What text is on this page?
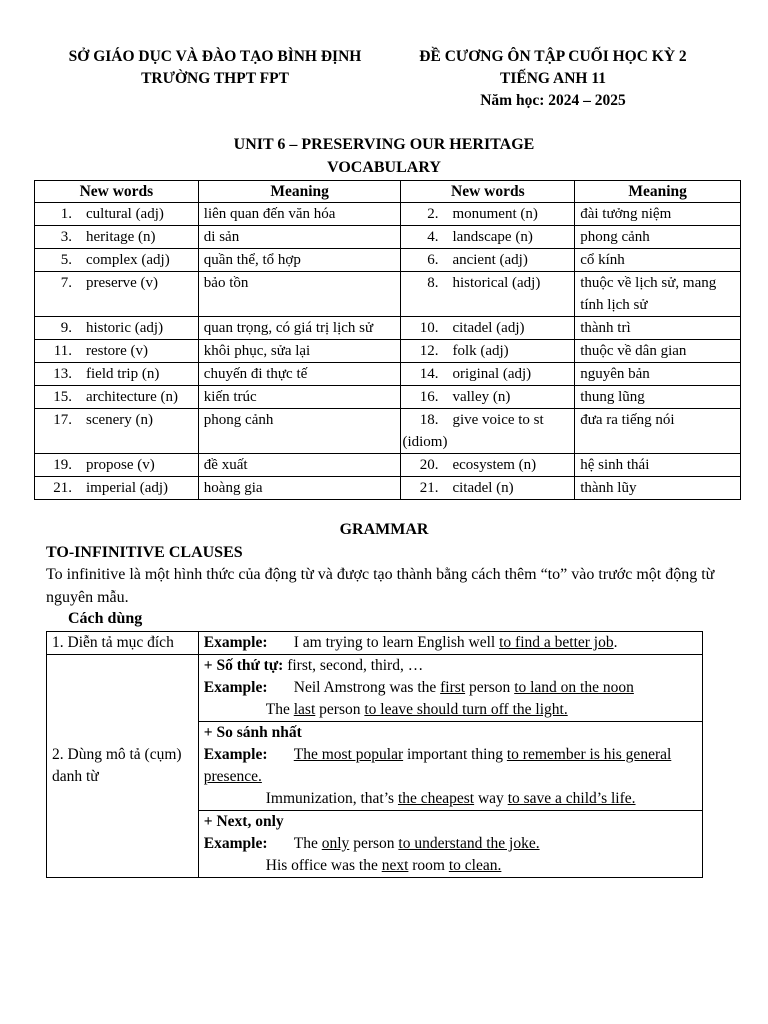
SỞ GIÁO DỤC VÀ ĐÀO TẠO BÌNH ĐỊNH
TRƯỜNG THPT FPT
ĐỀ CƯƠNG ÔN TẬP CUỐI HỌC KỲ 2
TIẾNG ANH 11
Năm học: 2024 – 2025
UNIT 6 – PRESERVING OUR HERITAGE
VOCABULARY
New words	Meaning	New words	Meaning
1. cultural (adj)	liên quan đến văn hóa	2. monument (n)	đài tưởng niệm
3. heritage (n)	di sản	4. landscape (n)	phong cảnh
5. complex (adj)	quần thể, tổ hợp	6. ancient (adj)	cổ kính
7. preserve (v)	bảo tồn	8. historical (adj)	thuộc về lịch sử, mang tính lịch sử
9. historic (adj)	quan trọng, có giá trị lịch sử	10. citadel (adj)	thành trì
11. restore (v)	khôi phục, sửa lại	12. folk (adj)	thuộc về dân gian
13. field trip (n)	chuyến đi thực tế	14. original (adj)	nguyên bản
15. architecture (n)	kiến trúc	16. valley (n)	thung lũng
17. scenery (n)	phong cảnh	18. give voice to st (idiom)	đưa ra tiếng nói
19. propose (v)	đề xuất	20. ecosystem (n)	hệ sinh thái
21. imperial (adj)	hoàng gia	21. citadel (n)	thành lũy
GRAMMAR
TO-INFINITIVE CLAUSES
To infinitive là một hình thức của động từ và được tạo thành bằng cách thêm “to” vào trước một động từ nguyên mẫu.
Cách dùng
1. Diễn tả mục đích	Example: I am trying to learn English well to find a better job.
2. Dùng mô tả (cụm) danh từ	+ Số thứ tự: first, second, third, …
Example: Neil Amstrong was the first person to land on the noon
The last person to leave should turn off the light.

	+ So sánh nhất
Example: The most popular important thing to remember is his general presence.
Immunization, that’s the cheapest way to save a child’s life.

	+ Next, only
Example: The only person to understand the joke.
His office was the next room to clean.
